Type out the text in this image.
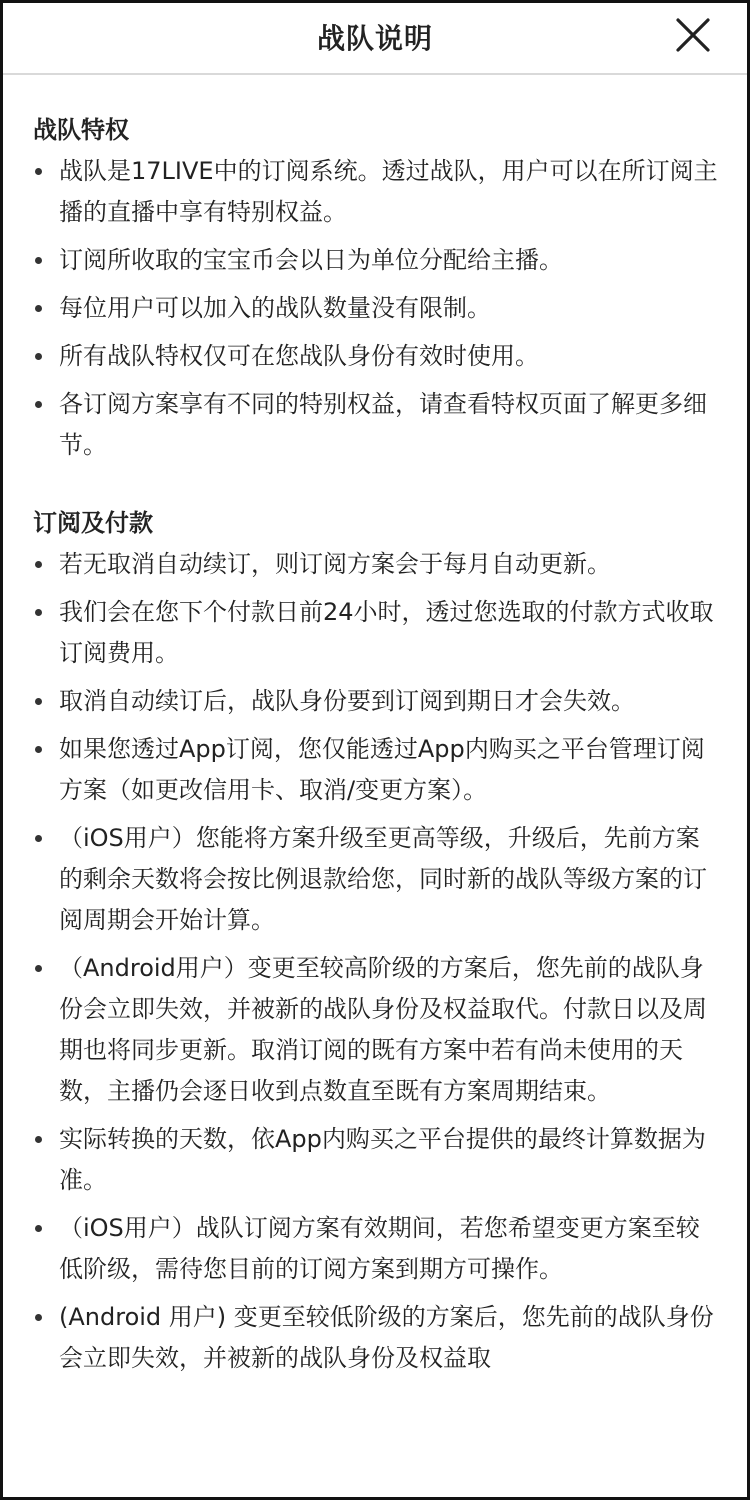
战队说明
战队特权
战队是17LIVE中的订阅系统。透过战队，用户可以在所订阅主播的直播中享有特别权益。
订阅所收取的宝宝币会以日为单位分配给主播。
每位用户可以加入的战队数量没有限制。
所有战队特权仅可在您战队身份有效时使用。
各订阅方案享有不同的特别权益，请查看特权页面了解更多细节。
订阅及付款
若无取消自动续订，则订阅方案会于每月自动更新。
我们会在您下个付款日前24小时，透过您选取的付款方式收取订阅费用。
取消自动续订后，战队身份要到订阅到期日才会失效。
如果您透过App订阅，您仅能透过App内购买之平台管理订阅方案（如更改信用卡、取消/变更方案）。
（iOS用户）您能将方案升级至更高等级，升级后，先前方案的剩余天数将会按比例退款给您，同时新的战队等级方案的订阅周期会开始计算。
（Android用户）变更至较高阶级的方案后，您先前的战队身份会立即失效，并被新的战队身份及权益取代。付款日以及周期也将同步更新。取消订阅的既有方案中若有尚未使用的天数，主播仍会逐日收到点数直至既有方案周期结束。
实际转换的天数，依App内购买之平台提供的最终计算数据为准。
（iOS用户）战队订阅方案有效期间，若您希望变更方案至较低阶级，需待您目前的订阅方案到期方可操作。
(Android 用户) 变更至较低阶级的方案后，您先前的战队身份会立即失效，并被新的战队身份及权益取
